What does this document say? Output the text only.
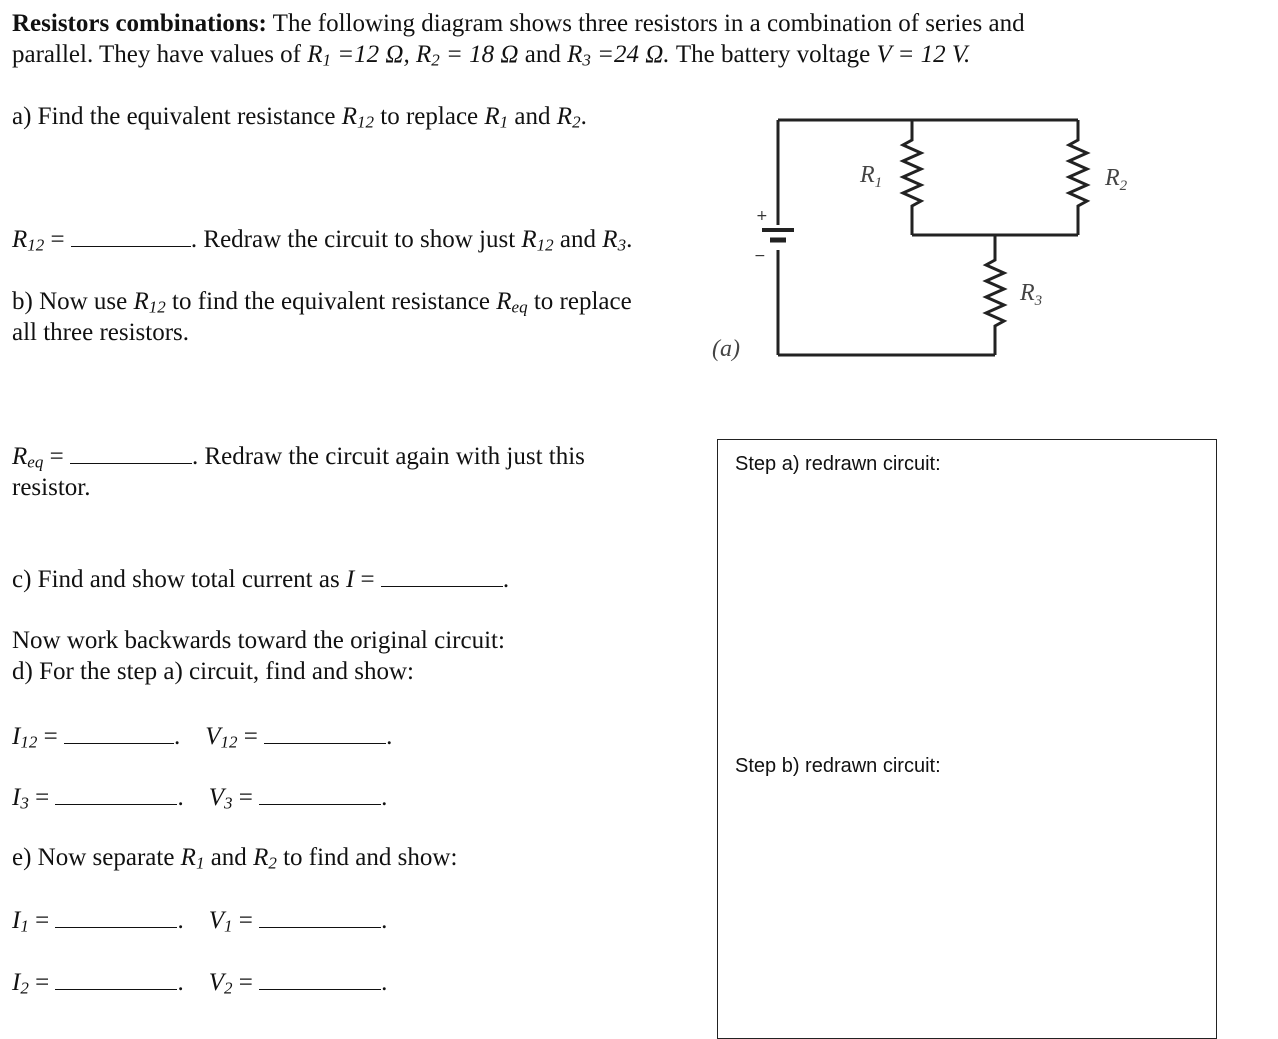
Resistors combinations: The following diagram shows three resistors in a combination of series and
parallel. They have values of $R_1 =12$ Ω, $R_2 = 18$ Ω and $R_3 =24$ Ω. The battery voltage V = 12 V.
a) Find the equivalent resistance $R_{12}$ to replace $R_1$ and $R_2$.
$R_{12}$ =	. Redraw the circuit to show just $R_{12}$ and $R_3$.
b) Now use $R_{12}$ to find the equivalent resistance $R_{eq}$ to replace
all three resistors.
$R_{eq}$ =	. Redraw the circuit again with just this
resistor.
c) Find and show total current as I =	.
Now work backwards toward the original circuit:
d) For the step a) circuit, find and show:
$I_{12}$ =	. $V_{12}$ =	.
$I_3$ =	. $V_3$ =	.
e) Now separate $R_1$ and $R_2$ to find and show:
$I_1$ =	. $V_1$ =	.
$I_2$ =	. $V_2$ =	.
+
−
$R_1$	$R_2$
$R_3$
(a)
Step a) redrawn circuit:
Step b) redrawn circuit:
